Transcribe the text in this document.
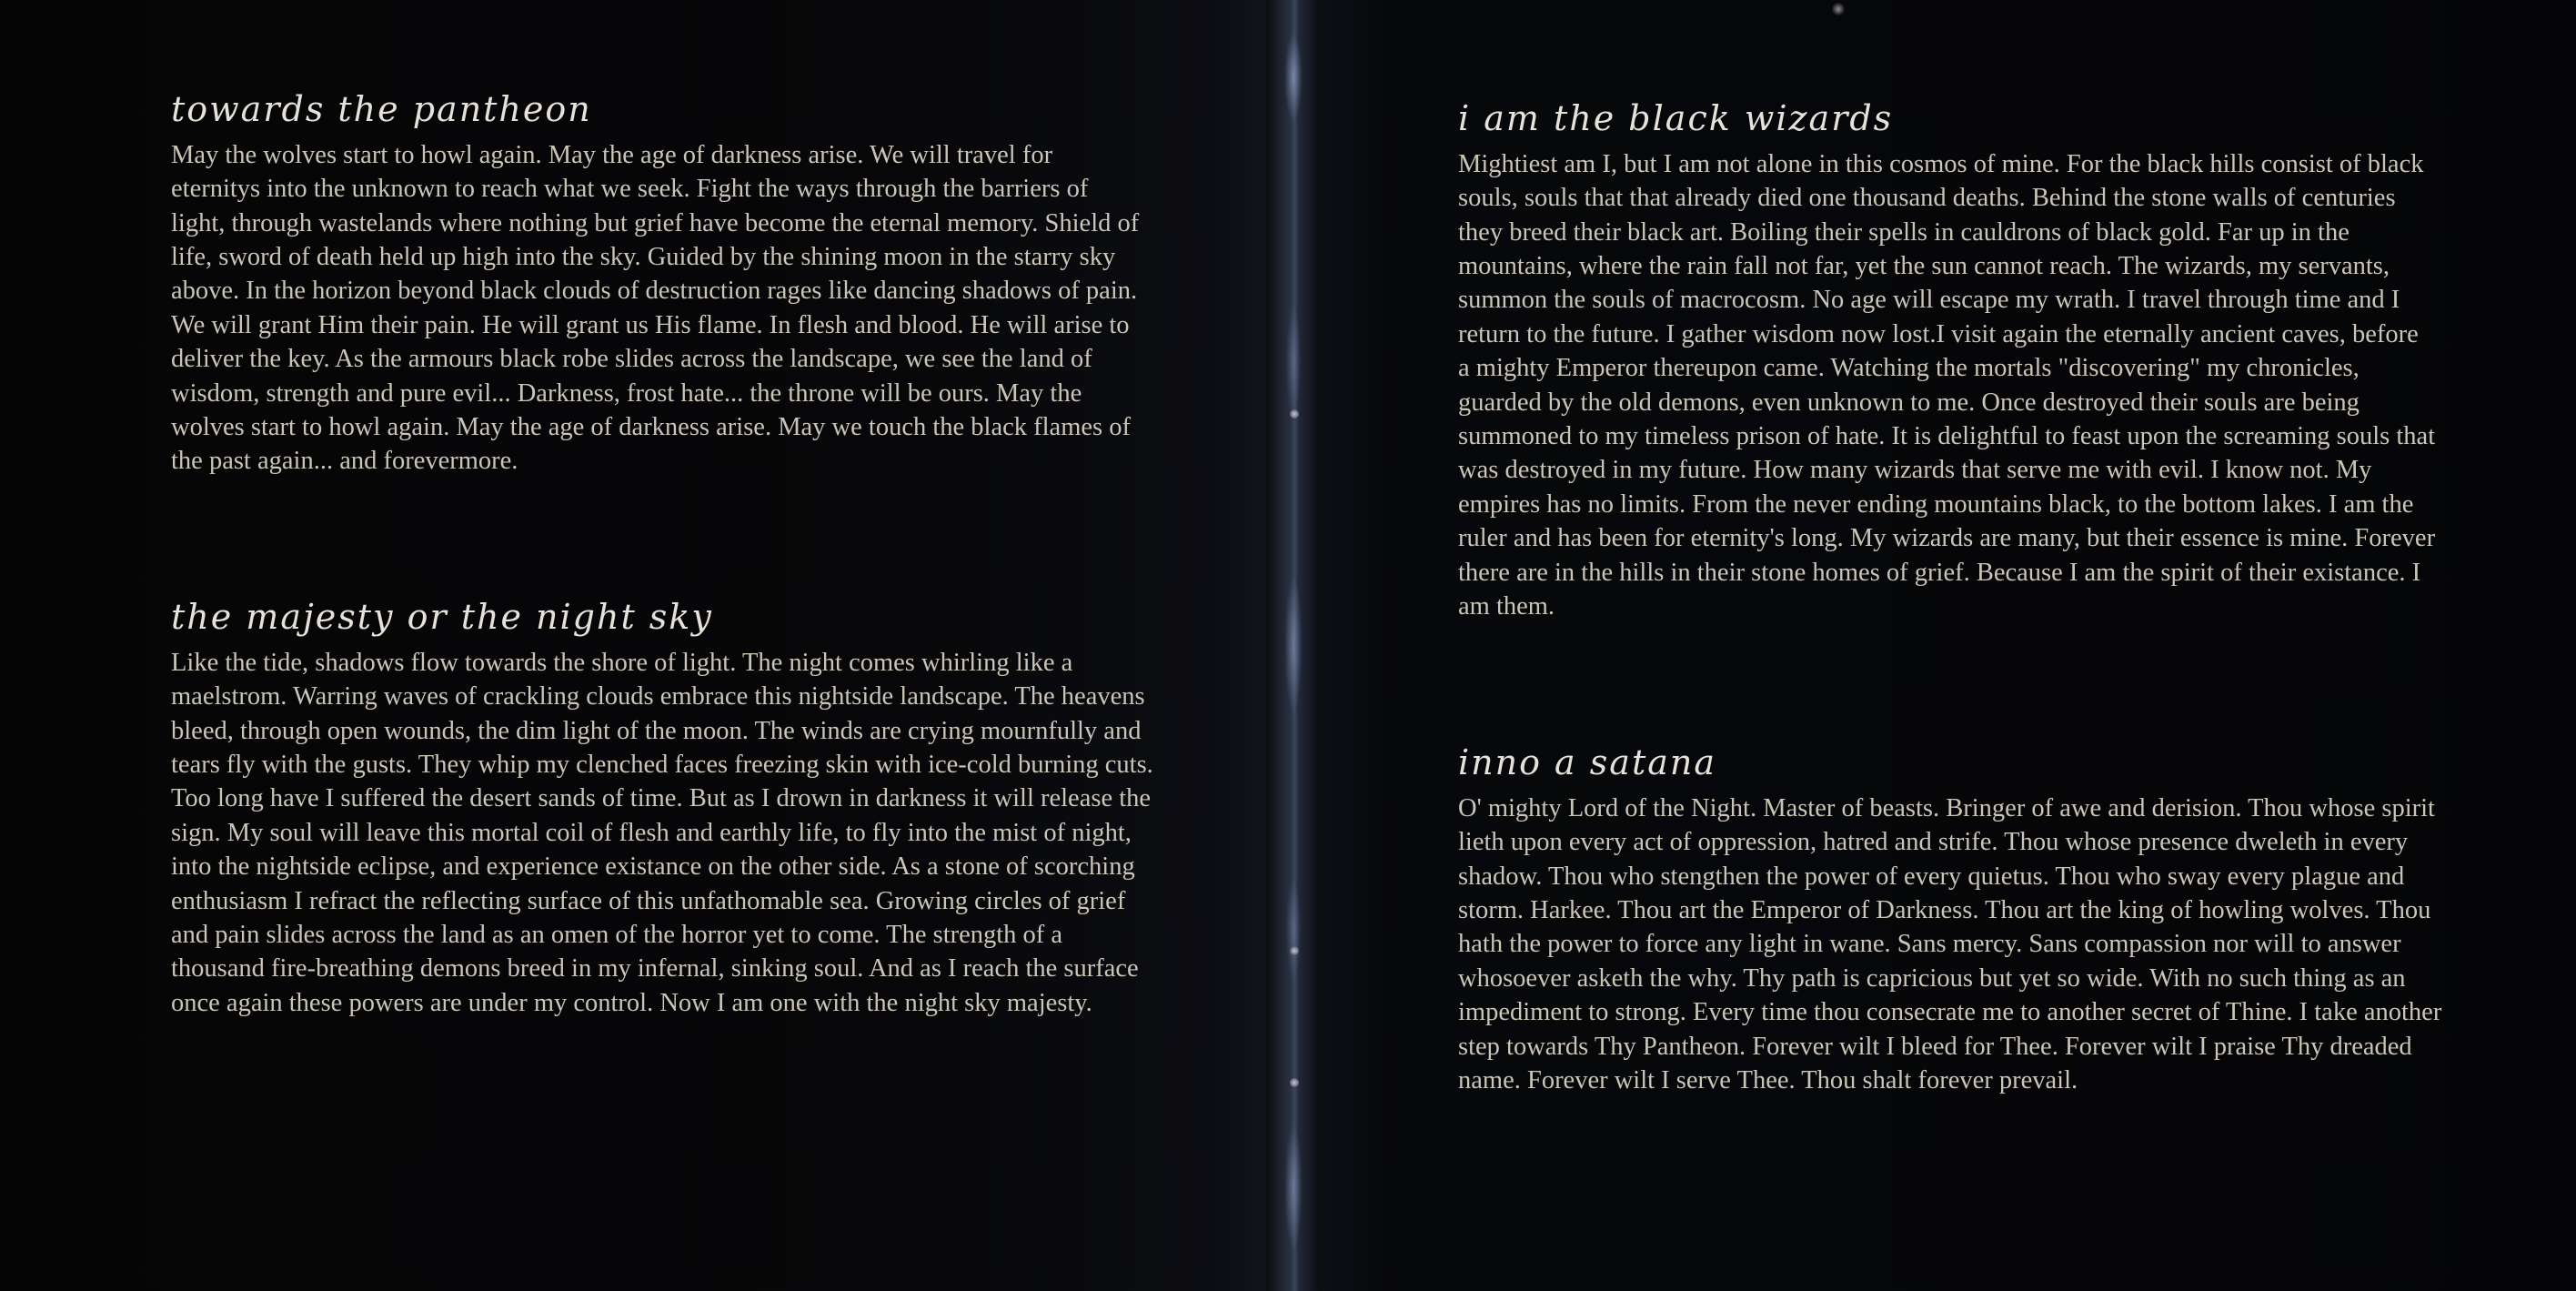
towards the pantheon

May the wolves start to howl again. May the age of darkness arise. We will travel for eternitys into the unknown to reach what we seek. Fight the ways through the barriers of light, through wastelands where nothing but grief have become the eternal memory. Shield of life, sword of death held up high into the sky. Guided by the shining moon in the starry sky above. In the horizon beyond black clouds of destruction rages like dancing shadows of pain. We will grant Him their pain. He will grant us His flame. In flesh and blood. He will arise to deliver the key. As the armours black robe slides across the landscape, we see the land of wisdom, strength and pure evil... Darkness, frost hate... the throne will be ours. May the wolves start to howl again. May the age of darkness arise. May we touch the black flames of the past again... and forevermore.

the majesty or the night sky

Like the tide, shadows flow towards the shore of light. The night comes whirling like a maelstrom. Warring waves of crackling clouds embrace this nightside landscape. The heavens bleed, through open wounds, the dim light of the moon. The winds are crying mournfully and tears fly with the gusts. They whip my clenched faces freezing skin with ice-cold burning cuts. Too long have I suffered the desert sands of time. But as I drown in darkness it will release the sign. My soul will leave this mortal coil of flesh and earthly life, to fly into the mist of night, into the nightside eclipse, and experience existance on the other side. As a stone of scorching enthusiasm I refract the reflecting surface of this unfathomable sea. Growing circles of grief and pain slides across the land as an omen of the horror yet to come. The strength of a thousand fire-breathing demons breed in my infernal, sinking soul. And as I reach the surface once again these powers are under my control. Now I am one with the night sky majesty.

i am the black wizards

Mightiest am I, but I am not alone in this cosmos of mine. For the black hills consist of black souls, souls that that already died one thousand deaths. Behind the stone walls of centuries they breed their black art. Boiling their spells in cauldrons of black gold. Far up in the mountains, where the rain fall not far, yet the sun cannot reach. The wizards, my servants, summon the souls of macrocosm. No age will escape my wrath. I travel through time and I return to the future. I gather wisdom now lost.I visit again the eternally ancient caves, before a mighty Emperor thereupon came. Watching the mortals "discovering" my chronicles, guarded by the old demons, even unknown to me. Once destroyed their souls are being summoned to my timeless prison of hate. It is delightful to feast upon the screaming souls that was destroyed in my future. How many wizards that serve me with evil. I know not. My empires has no limits. From the never ending mountains black, to the bottom lakes. I am the ruler and has been for eternity's long. My wizards are many, but their essence is mine. Forever there are in the hills in their stone homes of grief. Because I am the spirit of their existance. I am them.

inno a satana

O' mighty Lord of the Night. Master of beasts. Bringer of awe and derision. Thou whose spirit lieth upon every act of oppression, hatred and strife. Thou whose presence dweleth in every shadow. Thou who stengthen the power of every quietus. Thou who sway every plague and storm. Harkee. Thou art the Emperor of Darkness. Thou art the king of howling wolves. Thou hath the power to force any light in wane. Sans mercy. Sans compassion nor will to answer whosoever asketh the why. Thy path is capricious but yet so wide. With no such thing as an impediment to strong. Every time thou consecrate me to another secret of Thine. I take another step towards Thy Pantheon. Forever wilt I bleed for Thee. Forever wilt I praise Thy dreaded name. Forever wilt I serve Thee. Thou shalt forever prevail.
